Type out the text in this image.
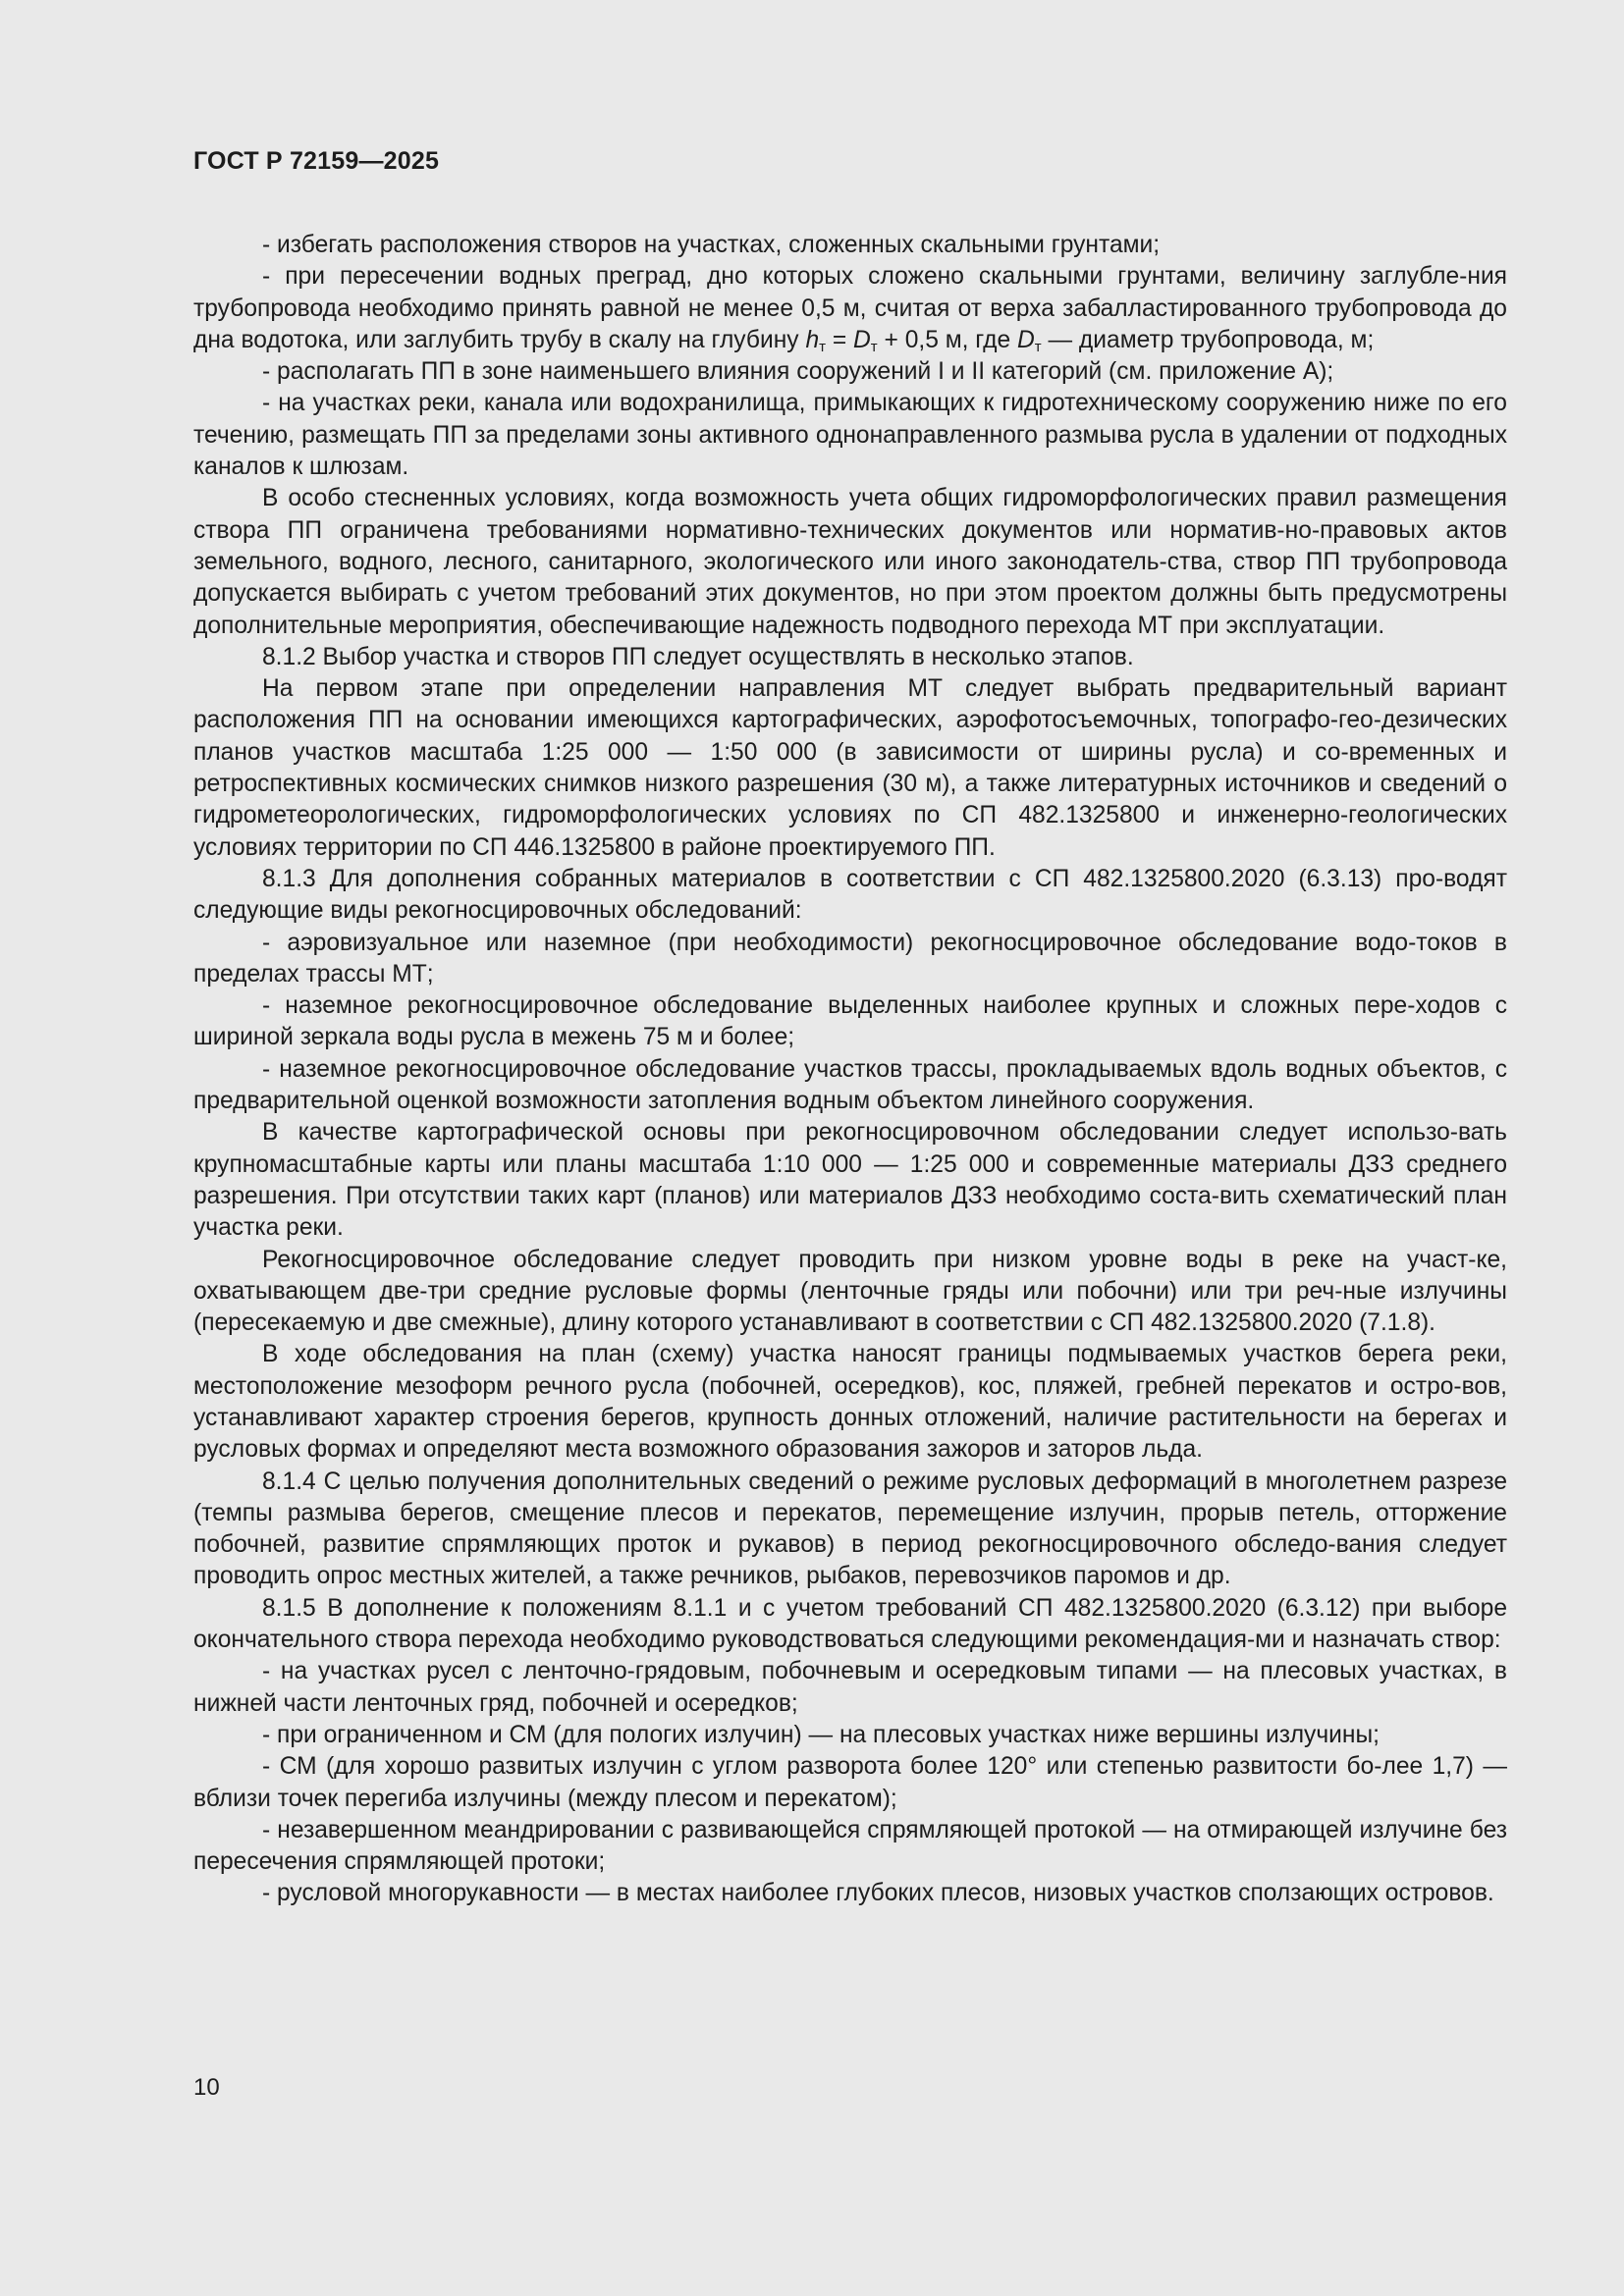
ГОСТ Р 72159—2025

- избегать расположения створов на участках, сложенных скальными грунтами;

- при пересечении водных преград, дно которых сложено скальными грунтами, величину заглубле-ния трубопровода необходимо принять равной не менее 0,5 м, считая от верха забалластированного трубопровода до дна водотока, или заглубить трубу в скалу на глубину $h_т = D_т + 0,5$ м, где $D_т$ — диаметр трубопровода, м;

- располагать ПП в зоне наименьшего влияния сооружений I и II категорий (см. приложение А);

- на участках реки, канала или водохранилища, примыкающих к гидротехническому сооружению ниже по его течению, размещать ПП за пределами зоны активного однонаправленного размыва русла в удалении от подходных каналов к шлюзам.

В особо стесненных условиях, когда возможность учета общих гидроморфологических правил размещения створа ПП ограничена требованиями нормативно-технических документов или норматив-но-правовых актов земельного, водного, лесного, санитарного, экологического или иного законодатель-ства, створ ПП трубопровода допускается выбирать с учетом требований этих документов, но при этом проектом должны быть предусмотрены дополнительные мероприятия, обеспечивающие надежность подводного перехода МТ при эксплуатации.

8.1.2 Выбор участка и створов ПП следует осуществлять в несколько этапов.

На первом этапе при определении направления МТ следует выбрать предварительный вариант расположения ПП на основании имеющихся картографических, аэрофотосъемочных, топографо-гео-дезических планов участков масштаба 1:25 000 — 1:50 000 (в зависимости от ширины русла) и со-временных и ретроспективных космических снимков низкого разрешения (30 м), а также литературных источников и сведений о гидрометеорологических, гидроморфологических условиях по СП 482.1325800 и инженерно-геологических условиях территории по СП 446.1325800 в районе проектируемого ПП.

8.1.3 Для дополнения собранных материалов в соответствии с СП 482.1325800.2020 (6.3.13) про-водят следующие виды рекогносцировочных обследований:

- аэровизуальное или наземное (при необходимости) рекогносцировочное обследование водо-токов в пределах трассы МТ;

- наземное рекогносцировочное обследование выделенных наиболее крупных и сложных пере-ходов с шириной зеркала воды русла в межень 75 м и более;

- наземное рекогносцировочное обследование участков трассы, прокладываемых вдоль водных объектов, с предварительной оценкой возможности затопления водным объектом линейного сооружения.

В качестве картографической основы при рекогносцировочном обследовании следует использо-вать крупномасштабные карты или планы масштаба 1:10 000 — 1:25 000 и современные материалы ДЗЗ среднего разрешения. При отсутствии таких карт (планов) или материалов ДЗЗ необходимо соста-вить схематический план участка реки.

Рекогносцировочное обследование следует проводить при низком уровне воды в реке на участ-ке, охватывающем две-три средние русловые формы (ленточные гряды или побочни) или три реч-ные излучины (пересекаемую и две смежные), длину которого устанавливают в соответствии с СП 482.1325800.2020 (7.1.8).

В ходе обследования на план (схему) участка наносят границы подмываемых участков берега реки, местоположение мезоформ речного русла (побочней, осередков), кос, пляжей, гребней перекатов и остро-вов, устанавливают характер строения берегов, крупность донных отложений, наличие растительности на берегах и русловых формах и определяют места возможного образования зажоров и заторов льда.

8.1.4 С целью получения дополнительных сведений о режиме русловых деформаций в многолетнем разрезе (темпы размыва берегов, смещение плесов и перекатов, перемещение излучин, прорыв петель, отторжение побочней, развитие спрямляющих проток и рукавов) в период рекогносцировочного обследо-вания следует проводить опрос местных жителей, а также речников, рыбаков, перевозчиков паромов и др.

8.1.5 В дополнение к положениям 8.1.1 и с учетом требований СП 482.1325800.2020 (6.3.12) при выборе окончательного створа перехода необходимо руководствоваться следующими рекомендация-ми и назначать створ:

- на участках русел с ленточно-грядовым, побочневым и осередковым типами — на плесовых участках, в нижней части ленточных гряд, побочней и осередков;

- при ограниченном и СМ (для пологих излучин) — на плесовых участках ниже вершины излучины;

- СМ (для хорошо развитых излучин с углом разворота более 120° или степенью развитости бо-лее 1,7) — вблизи точек перегиба излучины (между плесом и перекатом);

- незавершенном меандрировании с развивающейся спрямляющей протокой — на отмирающей излучине без пересечения спрямляющей протоки;

- русловой многорукавности — в местах наиболее глубоких плесов, низовых участков сползающих островов.

10
